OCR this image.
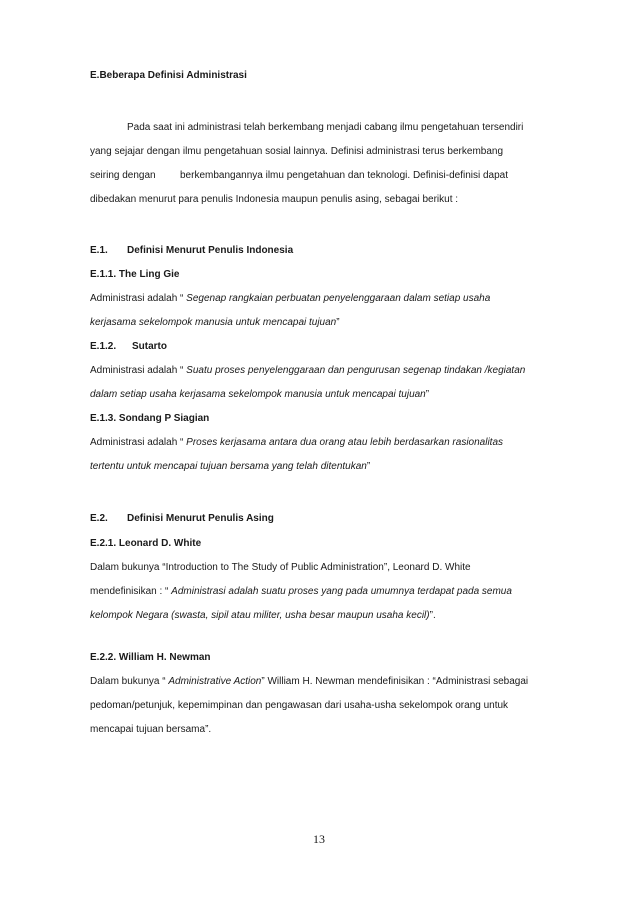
E.Beberapa Definisi Administrasi
Pada saat ini administrasi telah berkembang menjadi cabang ilmu pengetahuan tersendiri
yang sejajar dengan ilmu pengetahuan sosial lainnya. Definisi administrasi terus berkembang
seiring dengan berkembangannya ilmu pengetahuan dan teknologi. Definisi-definisi dapat
dibedakan menurut para penulis Indonesia maupun penulis asing, sebagai berikut :
E.1. Definisi Menurut Penulis Indonesia
E.1.1. The Ling Gie
Administrasi adalah “ Segenap rangkaian perbuatan penyelenggaraan dalam setiap usaha
kerjasama sekelompok manusia untuk mencapai tujuan”
E.1.2. Sutarto
Administrasi adalah “ Suatu proses penyelenggaraan dan pengurusan segenap tindakan /kegiatan
dalam setiap usaha kerjasama sekelompok manusia untuk mencapai tujuan”
E.1.3. Sondang P Siagian
Administrasi adalah “ Proses kerjasama antara dua orang atau lebih berdasarkan rasionalitas
tertentu untuk mencapai tujuan bersama yang telah ditentukan”
E.2. Definisi Menurut Penulis Asing
E.2.1. Leonard D. White
Dalam bukunya “Introduction to The Study of Public Administration”, Leonard D. White
mendefinisikan : “ Administrasi adalah suatu proses yang pada umumnya terdapat pada semua
kelompok Negara (swasta, sipil atau militer, usha besar maupun usaha kecil)”.
E.2.2. William H. Newman
Dalam bukunya “ Administrative Action” William H. Newman mendefinisikan : “Administrasi sebagai
pedoman/petunjuk, kepemimpinan dan pengawasan dari usaha-usha sekelompok orang untuk
mencapai tujuan bersama”.
13
